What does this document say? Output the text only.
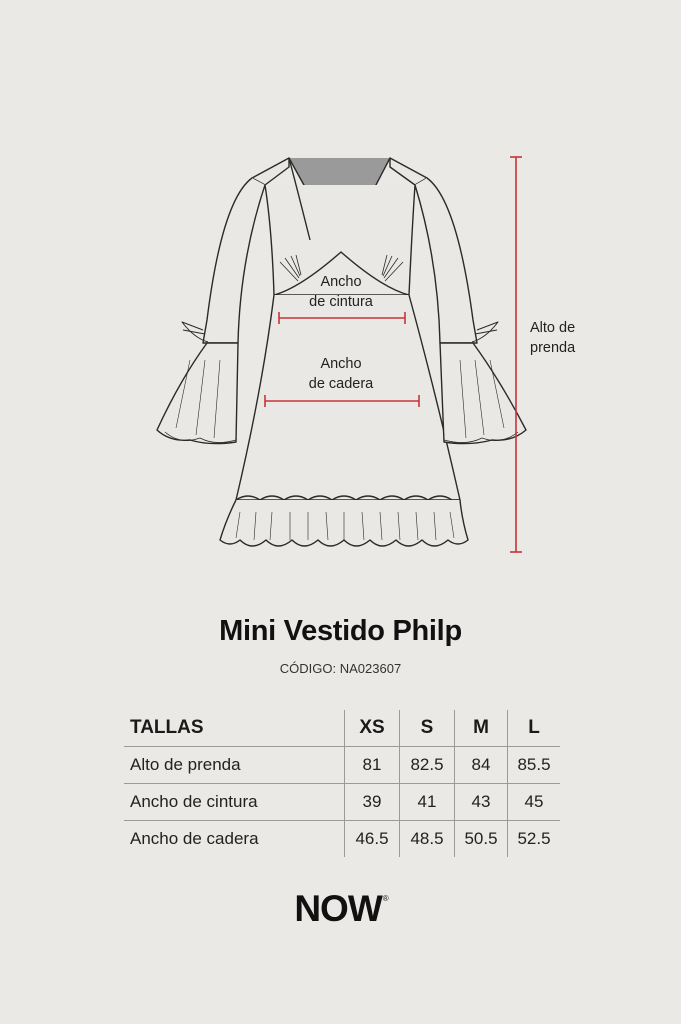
Ancho
de cintura
Ancho
de cadera
Alto de
prenda
Mini Vestido Philp
CÓDIGO: NA023607
TALLAS	XS	S	M	L
Alto de prenda	81	82.5	84	85.5
Ancho de cintura	39	41	43	45
Ancho de cadera	46.5	48.5	50.5	52.5
NOW®
